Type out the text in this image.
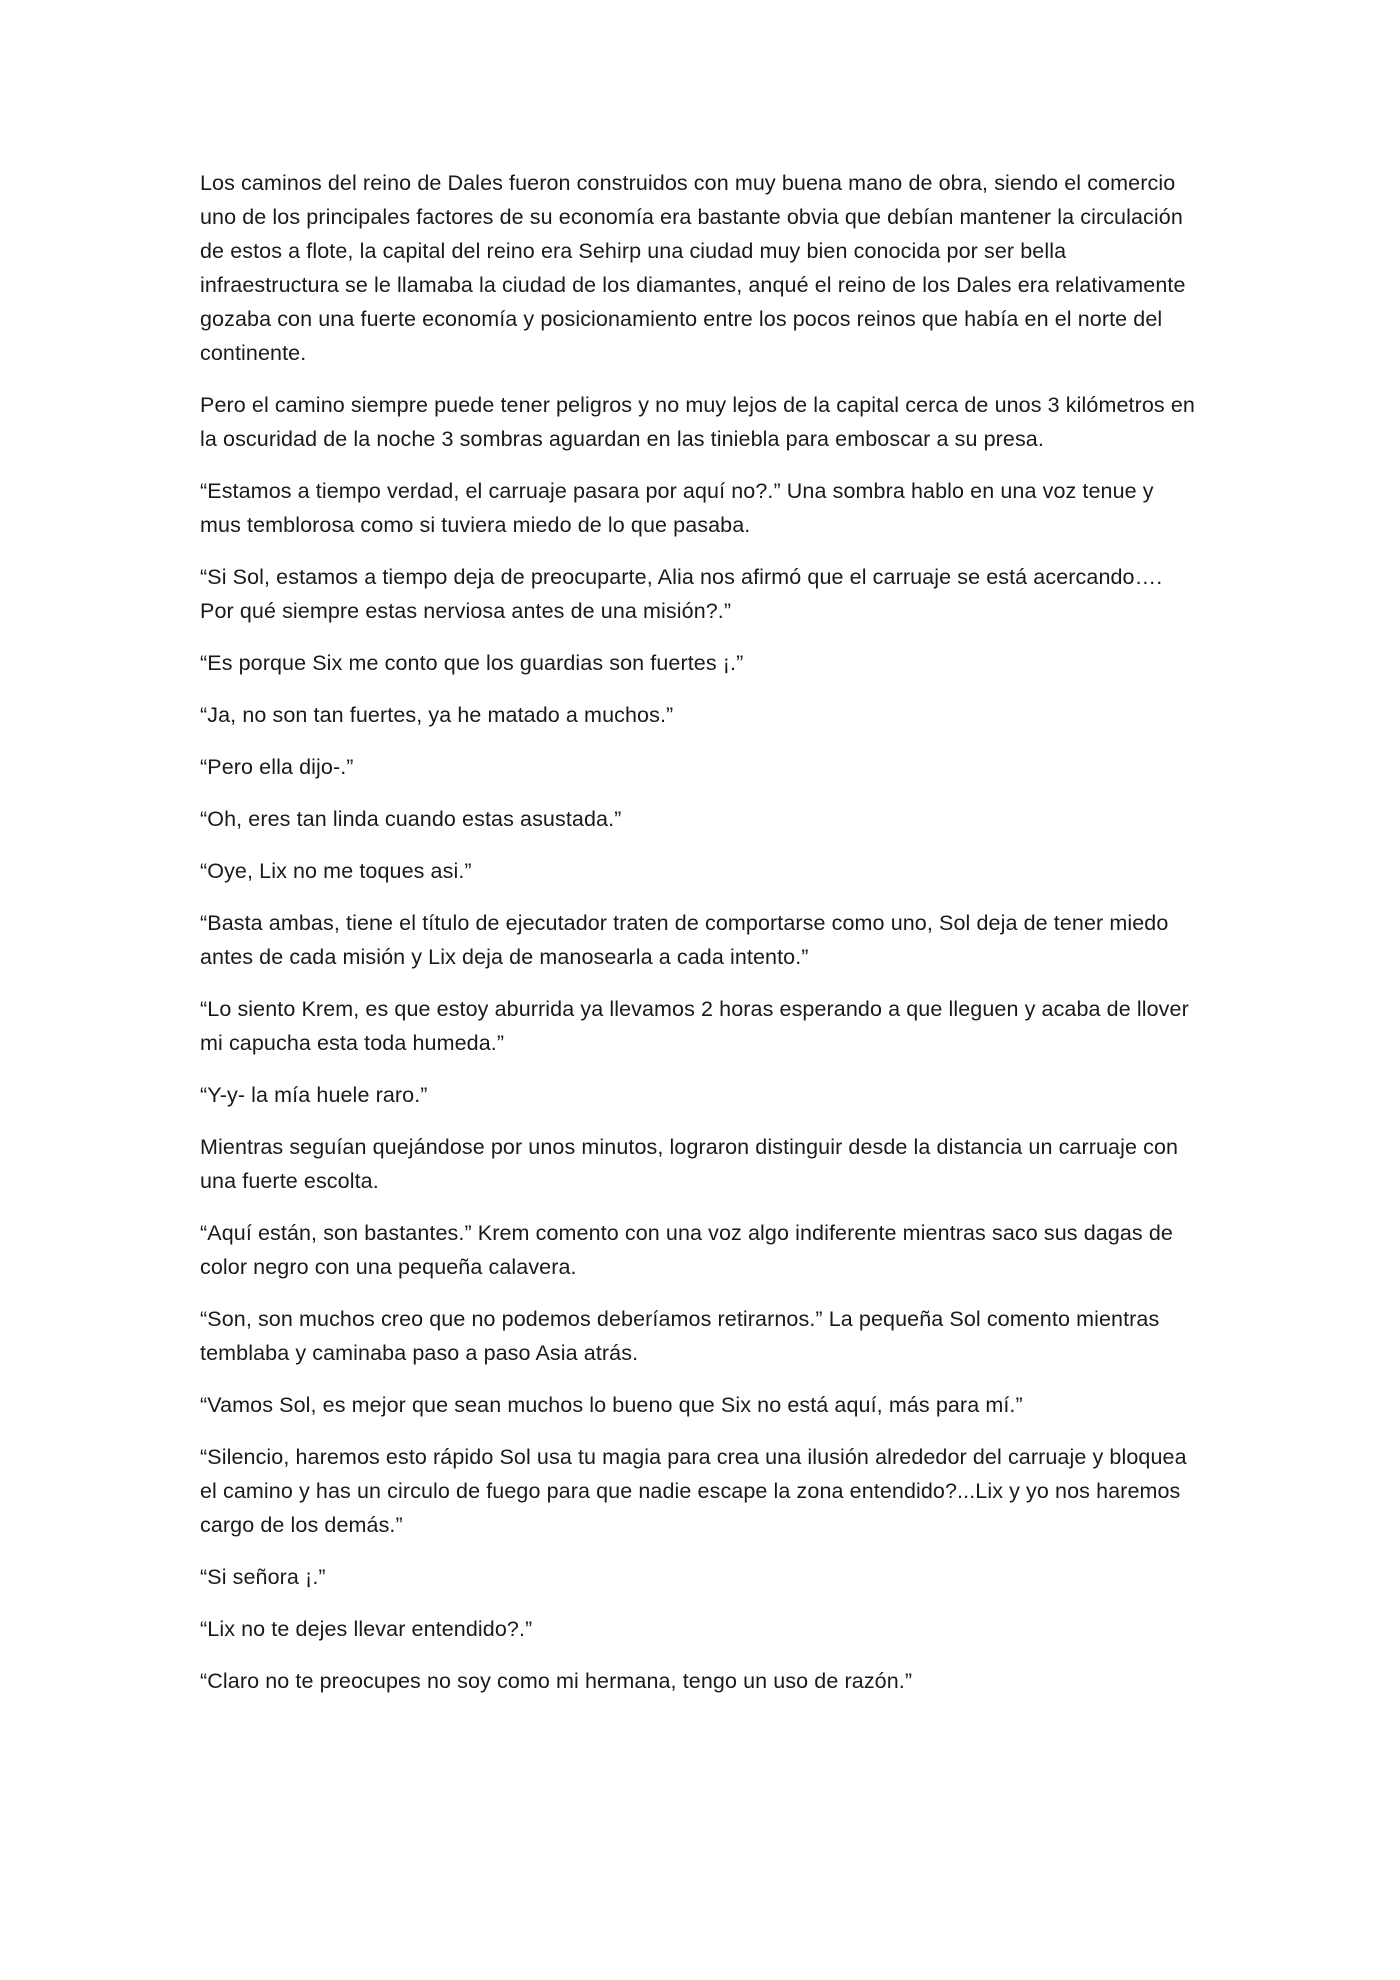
Los caminos del reino de Dales fueron construidos con muy buena mano de obra, siendo el comercio uno de los principales factores de su economía era bastante obvia que debían mantener la circulación de estos a flote, la capital del reino era Sehirp una ciudad muy bien conocida por ser bella infraestructura se le llamaba la ciudad de los diamantes, anqué el reino de los Dales era relativamente gozaba con una fuerte economía y posicionamiento entre los pocos reinos que había en el norte del continente.

Pero el camino siempre puede tener peligros y no muy lejos de la capital cerca de unos 3 kilómetros en la oscuridad de la noche 3 sombras aguardan en las tiniebla para emboscar a su presa.

“Estamos a tiempo verdad, el carruaje pasara por aquí no?.” Una sombra hablo en una voz tenue y mus temblorosa como si tuviera miedo de lo que pasaba.

“Si Sol, estamos a tiempo deja de preocuparte, Alia nos afirmó que el carruaje se está acercando…. Por qué siempre estas nerviosa antes de una misión?.”

“Es porque Six me conto que los guardias son fuertes ¡.”

“Ja, no son tan fuertes, ya he matado a muchos.”

“Pero ella dijo-.”

“Oh, eres tan linda cuando estas asustada.”

“Oye, Lix no me toques asi.”

“Basta ambas, tiene el título de ejecutador traten de comportarse como uno, Sol deja de tener miedo antes de cada misión y Lix deja de manosearla a cada intento.”

“Lo siento Krem, es que estoy aburrida ya llevamos 2 horas esperando a que lleguen y acaba de llover mi capucha esta toda humeda.”

“Y-y- la mía huele raro.”

Mientras seguían quejándose por unos minutos, lograron distinguir desde la distancia un carruaje con una fuerte escolta.

“Aquí están, son bastantes.” Krem comento con una voz algo indiferente mientras saco sus dagas de color negro con una pequeña calavera.

“Son, son muchos creo que no podemos deberíamos retirarnos.” La pequeña Sol comento mientras temblaba y caminaba paso a paso Asia atrás.

“Vamos Sol, es mejor que sean muchos lo bueno que Six no está aquí, más para mí.”

“Silencio, haremos esto rápido Sol usa tu magia para crea una ilusión alrededor del carruaje y bloquea el camino y has un circulo de fuego para que nadie escape la zona entendido?...Lix y yo nos haremos cargo de los demás.”

“Si señora ¡.”

“Lix no te dejes llevar entendido?.”

“Claro no te preocupes no soy como mi hermana, tengo un uso de razón.”
